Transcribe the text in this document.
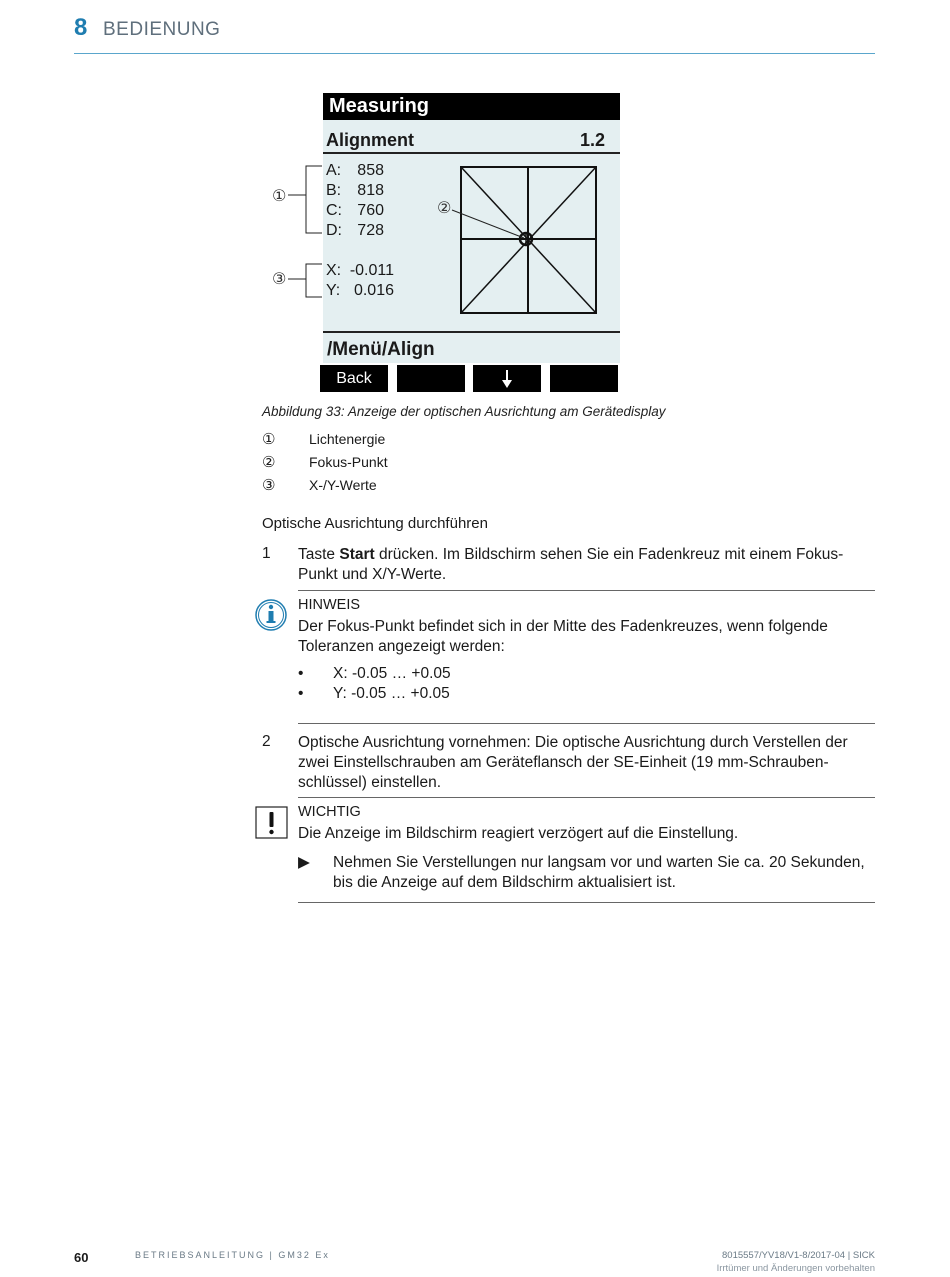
8 BEDIENUNG
Measuring
Alignment	1.2
A: 858
B: 818
C: 760
D: 728
X: -0.011
Y: 0.016
/Menü/Align
Back
①
②
③
Abbildung 33: Anzeige der optischen Ausrichtung am Gerätedisplay
① Lichtenergie
② Fokus-Punkt
③ X-/Y-Werte
Optische Ausrichtung durchführen
1 Taste Start drücken. Im Bildschirm sehen Sie ein Fadenkreuz mit einem Fokus-
Punkt und X/Y-Werte.
HINWEIS
Der Fokus-Punkt befindet sich in der Mitte des Fadenkreuzes, wenn folgende
Toleranzen angezeigt werden:
• X: -0.05 … +0.05
• Y: -0.05 … +0.05
2 Optische Ausrichtung vornehmen: Die optische Ausrichtung durch Verstellen der
zwei Einstellschrauben am Geräteflansch der SE-Einheit (19 mm-Schrauben-
schlüssel) einstellen.
WICHTIG
Die Anzeige im Bildschirm reagiert verzögert auf die Einstellung.
▶ Nehmen Sie Verstellungen nur langsam vor und warten Sie ca. 20 Sekunden,
bis die Anzeige auf dem Bildschirm aktualisiert ist.
60	BETRIEBSANLEITUNG | GM32 Ex	8015557/YV18/V1-8/2017-04 | SICK
Irrtümer und Änderungen vorbehalten
